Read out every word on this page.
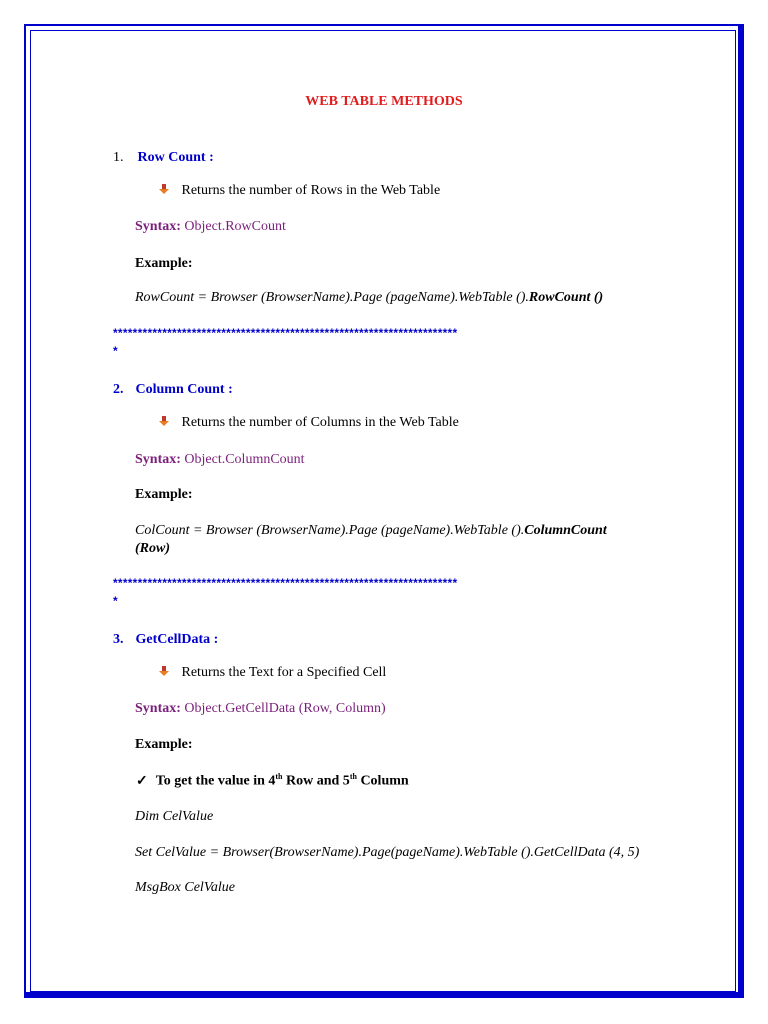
WEB TABLE METHODS
1. Row Count :
Returns the number of Rows in the Web Table
Syntax: Object.RowCount
Example:
RowCount = Browser (BrowserName).Page (pageName).WebTable ().RowCount ()
**********************************************************************
*
2. Column Count :
Returns the number of Columns in the Web Table
Syntax: Object.ColumnCount
Example:
ColCount = Browser (BrowserName).Page (pageName).WebTable ().ColumnCount
(Row)
**********************************************************************
*
3. GetCellData :
Returns the Text for a Specified Cell
Syntax: Object.GetCellData (Row, Column)
Example:
✓ To get the value in 4th Row and 5th Column
Dim CelValue
Set CelValue = Browser(BrowserName).Page(pageName).WebTable ().GetCellData (4, 5)
MsgBox CelValue
